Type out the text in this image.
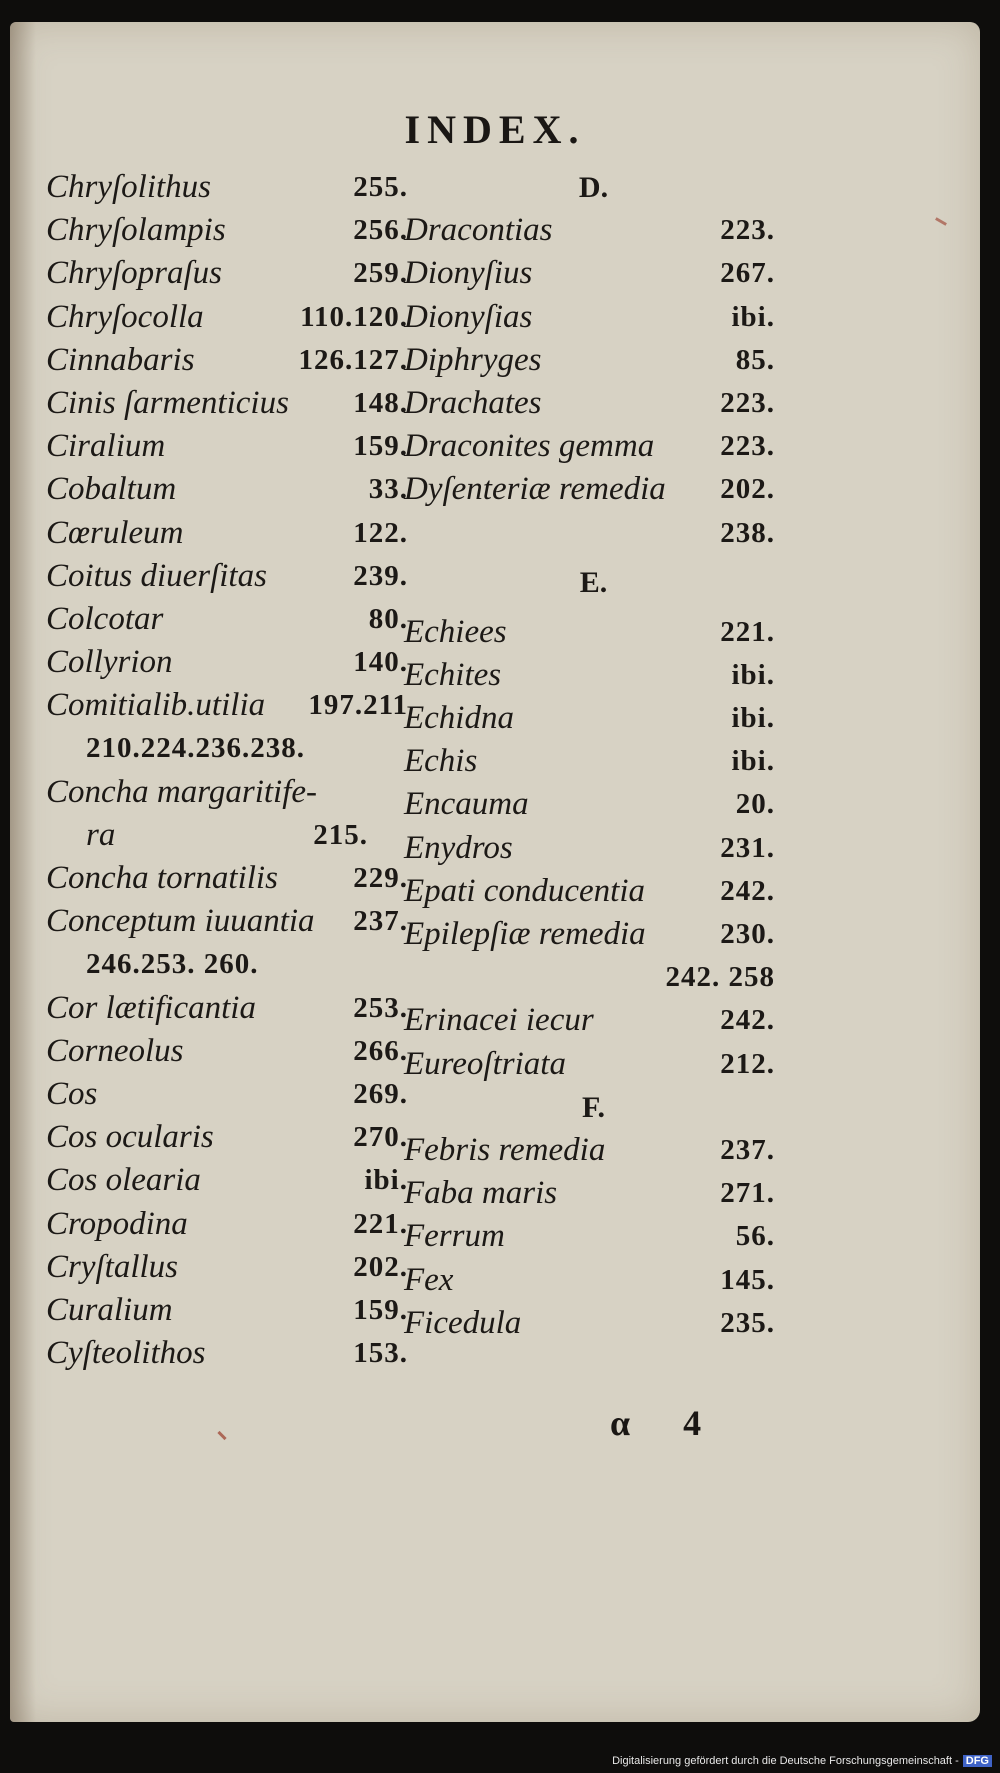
INDEX.
Chryſolithus	255.
Chryſolampis	256.
Chryſopraſus	259.
Chryſocolla	110.120.
Cinnabaris	126.127.
Cinis ſarmenticius 148.
Ciralium	159.
Cobaltum	33.
Cœruleum	122.
Coitus diuerſitas	239.
Colcotar	80.
Collyrion	140.
Comitialib.utilia 197.211
210.224.236.238.
Concha margaritife-
ra	215.
Concha tornatilis	229.
Conceptum iuuantia 237.
246.253. 260.
Cor lætificantia	253.
Corneolus	266.
Cos	269.
Cos ocularis	270.
Cos olearia	ibi.
Cropodina	221.
Cryſtallus	202.
Curalium	159.
Cyſteolithos	153.
D.
Dracontias	223.
Dionyſius	267.
Dionyſias	ibi.
Diphryges	85.
Drachates	223.
Draconites gemma 223.
Dyſenteriæ remedia 202.
238.
E.
Echiees	221.
Echites	ibi.
Echidna	ibi.
Echis	ibi.
Encauma	20.
Enydros	231.
Epati conducentia	242.
Epilepſiæ remedia	230.
242. 258
Erinacei iecur	242.
Eureoſtriata	212.
F.
Febris remedia	237.
Faba maris	271.
Ferrum	56.
Fex	145.
Ficedula	235.
α 4
Digitalisierung gefördert durch die Deutsche Forschungsgemeinschaft - DFG
